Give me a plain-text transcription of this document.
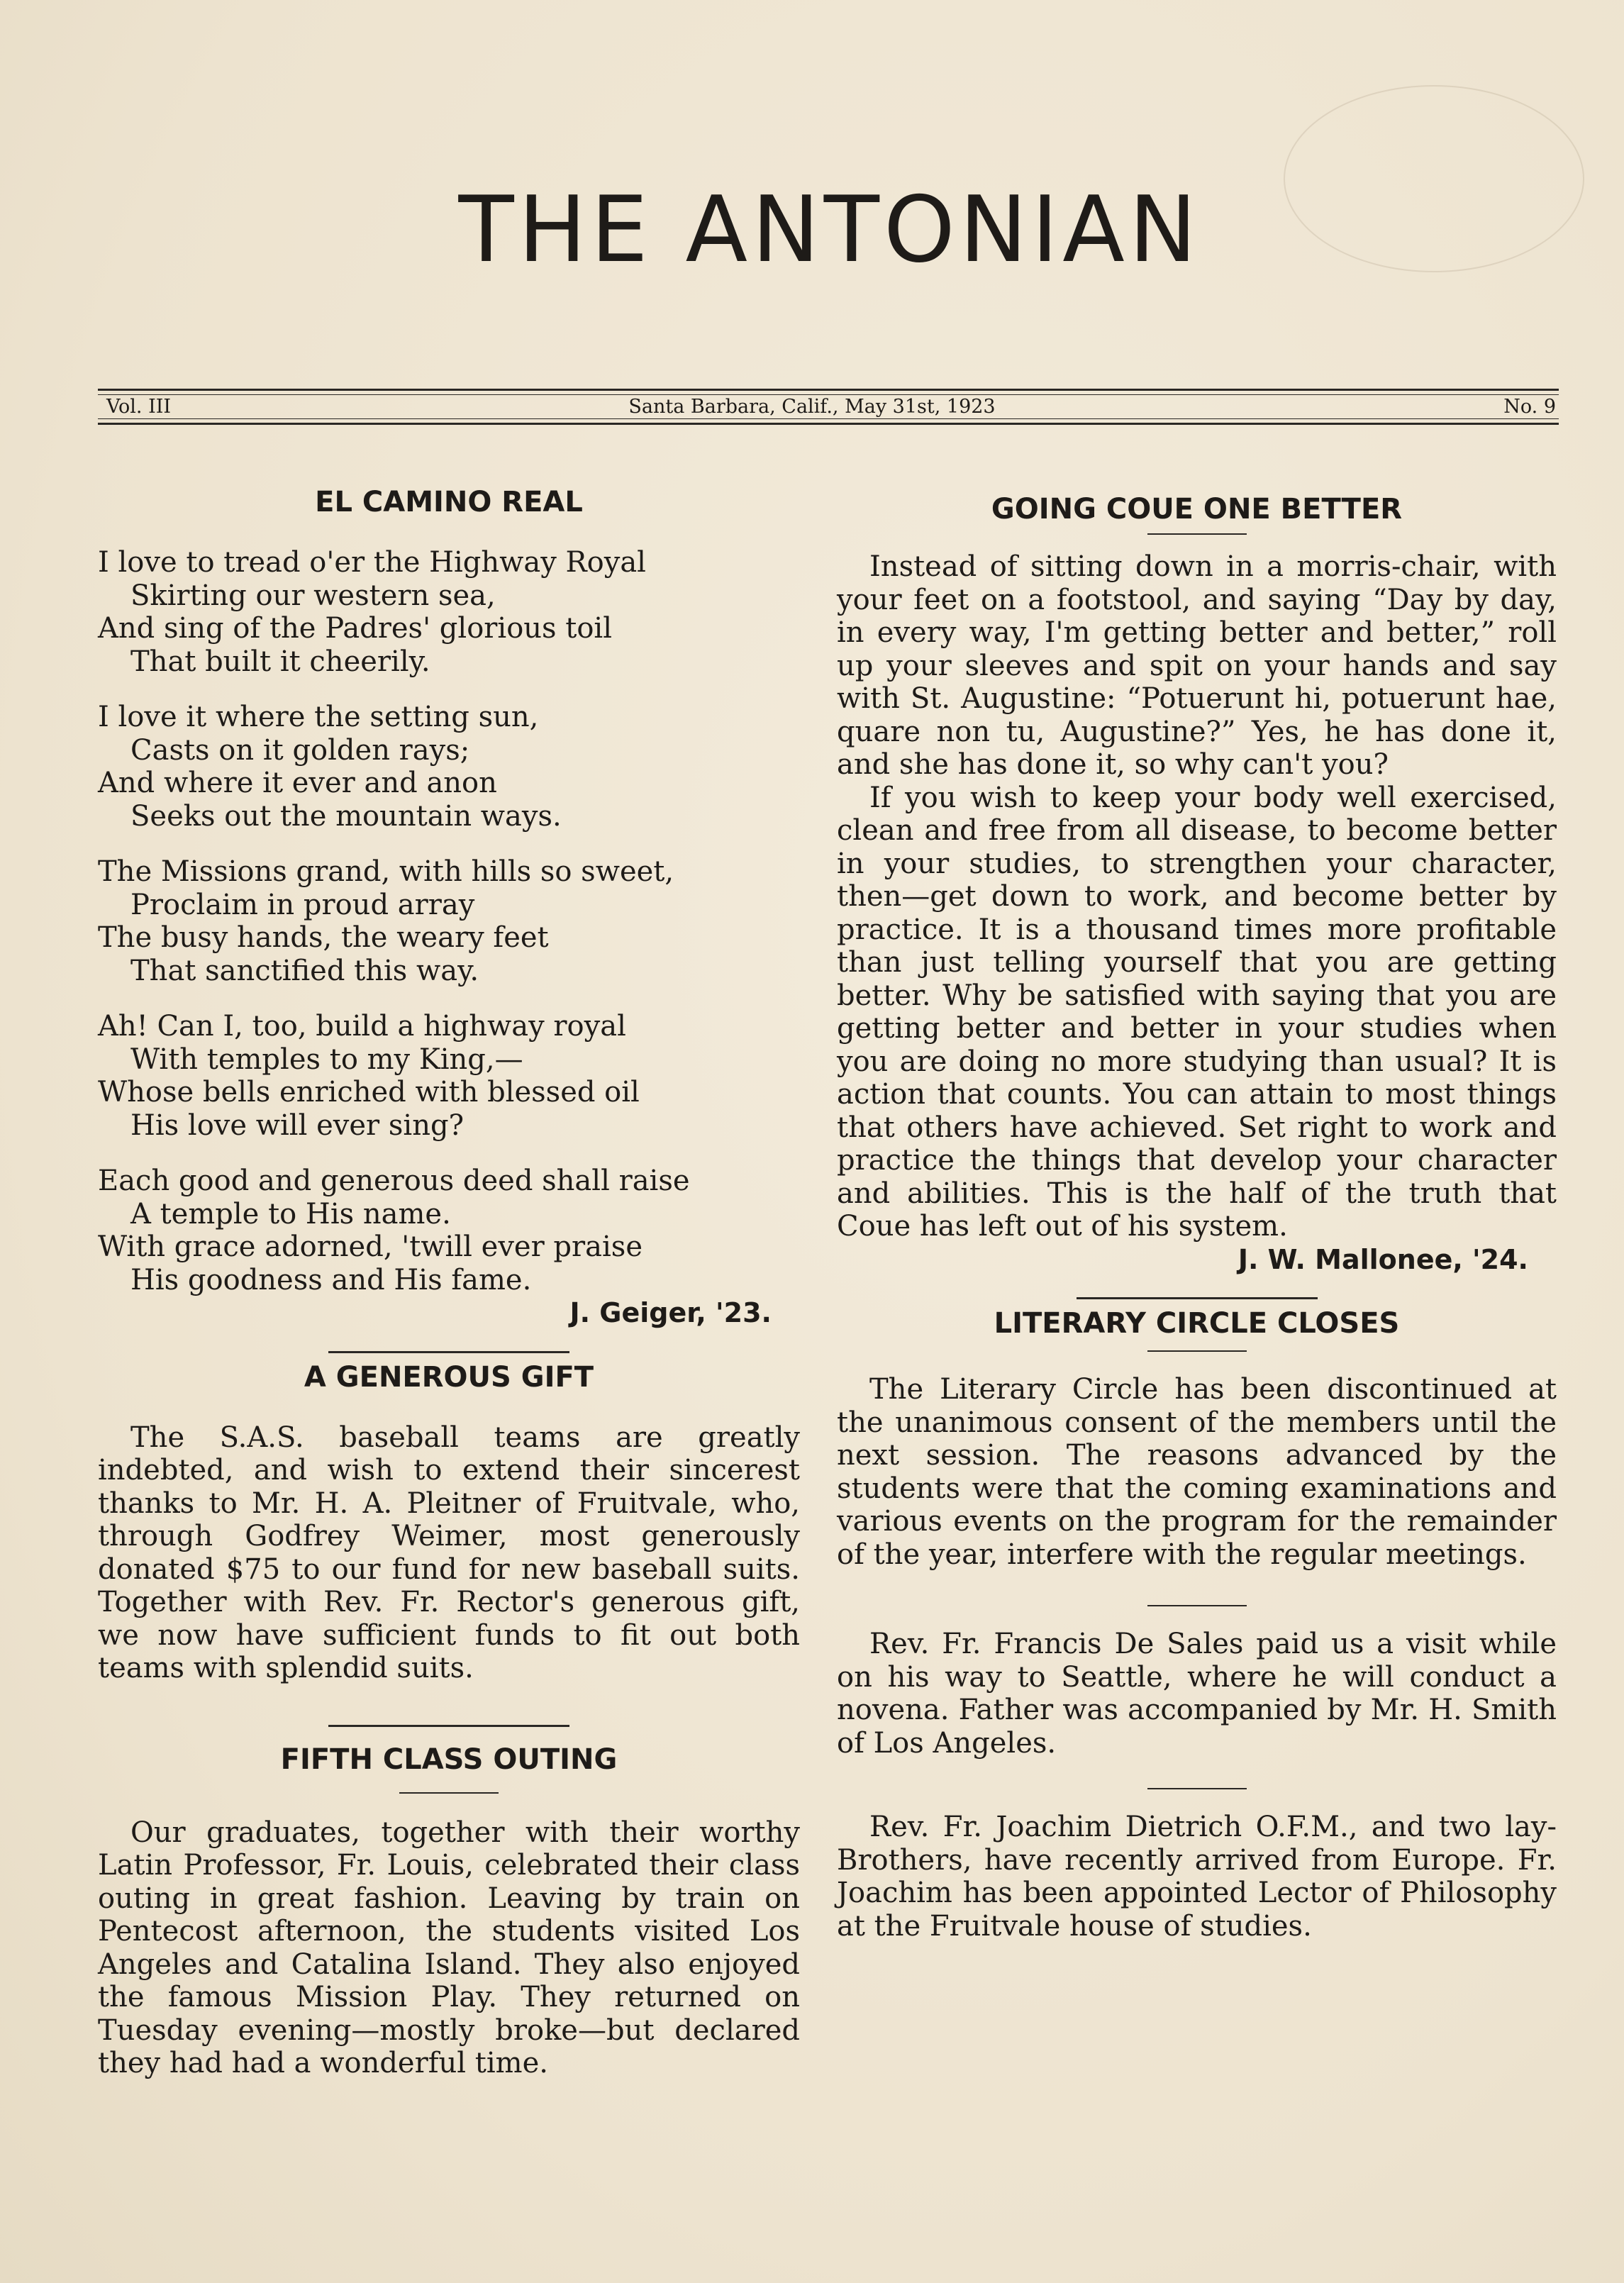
THE ANTONIAN
Vol. III	Santa Barbara, Calif., May 31st, 1923	No. 9
EL CAMINO REAL

I love to tread o'er the Highway Royal

Skirting our western sea,

And sing of the Padres' glorious toil

That built it cheerily.

I love it where the setting sun,

Casts on it golden rays;

And where it ever and anon

Seeks out the mountain ways.

The Missions grand, with hills so sweet,

Proclaim in proud array

The busy hands, the weary feet

That sanctified this way.

Ah! Can I, too, build a highway royal

With temples to my King,—

Whose bells enriched with blessed oil

His love will ever sing?

Each good and generous deed shall raise

A temple to His name.

With grace adorned, 'twill ever praise

His goodness and His fame.

J. Geiger, '23.

A GENEROUS GIFT

The S.A.S. baseball teams are greatly indebted, and wish to extend their sincerest thanks to Mr. H. A. Pleitner of Fruitvale, who, through Godfrey Weimer, most generously donated $75 to our fund for new baseball suits. Together with Rev. Fr. Rector's generous gift, we now have sufficient funds to fit out both teams with splendid suits.

FIFTH CLASS OUTING

Our graduates, together with their worthy Latin Professor, Fr. Louis, celebrated their class outing in great fashion. Leaving by train on Pentecost afternoon, the students visited Los Angeles and Catalina Island. They also enjoyed the famous Mission Play. They returned on Tuesday evening—mostly broke—but declared they had had a wonderful time.

GOING COUE ONE BETTER

Instead of sitting down in a morris-chair, with your feet on a footstool, and saying “Day by day, in every way, I'm getting better and better,” roll up your sleeves and spit on your hands and say with St. Augustine: “Potuerunt hi, potuerunt hae, quare non tu, Augustine?” Yes, he has done it, and she has done it, so why can't you?

If you wish to keep your body well exercised, clean and free from all disease, to become better in your studies, to strengthen your character, then—get down to work, and become better by practice. It is a thousand times more profitable than just telling yourself that you are getting better. Why be satisfied with saying that you are getting better and better in your studies when you are doing no more studying than usual? It is action that counts. You can attain to most things that others have achieved. Set right to work and practice the things that develop your character and abilities. This is the half of the truth that Coue has left out of his system.

J. W. Mallonee, '24.

LITERARY CIRCLE CLOSES

The Literary Circle has been discontinued at the unanimous consent of the members until the next session. The reasons advanced by the students were that the coming examinations and various events on the program for the remainder of the year, interfere with the regular meetings.

Rev. Fr. Francis De Sales paid us a visit while on his way to Seattle, where he will conduct a novena. Father was accompanied by Mr. H. Smith of Los Angeles.

Rev. Fr. Joachim Dietrich O.F.M., and two lay-Brothers, have recently arrived from Europe. Fr. Joachim has been appointed Lector of Philosophy at the Fruitvale house of studies.
